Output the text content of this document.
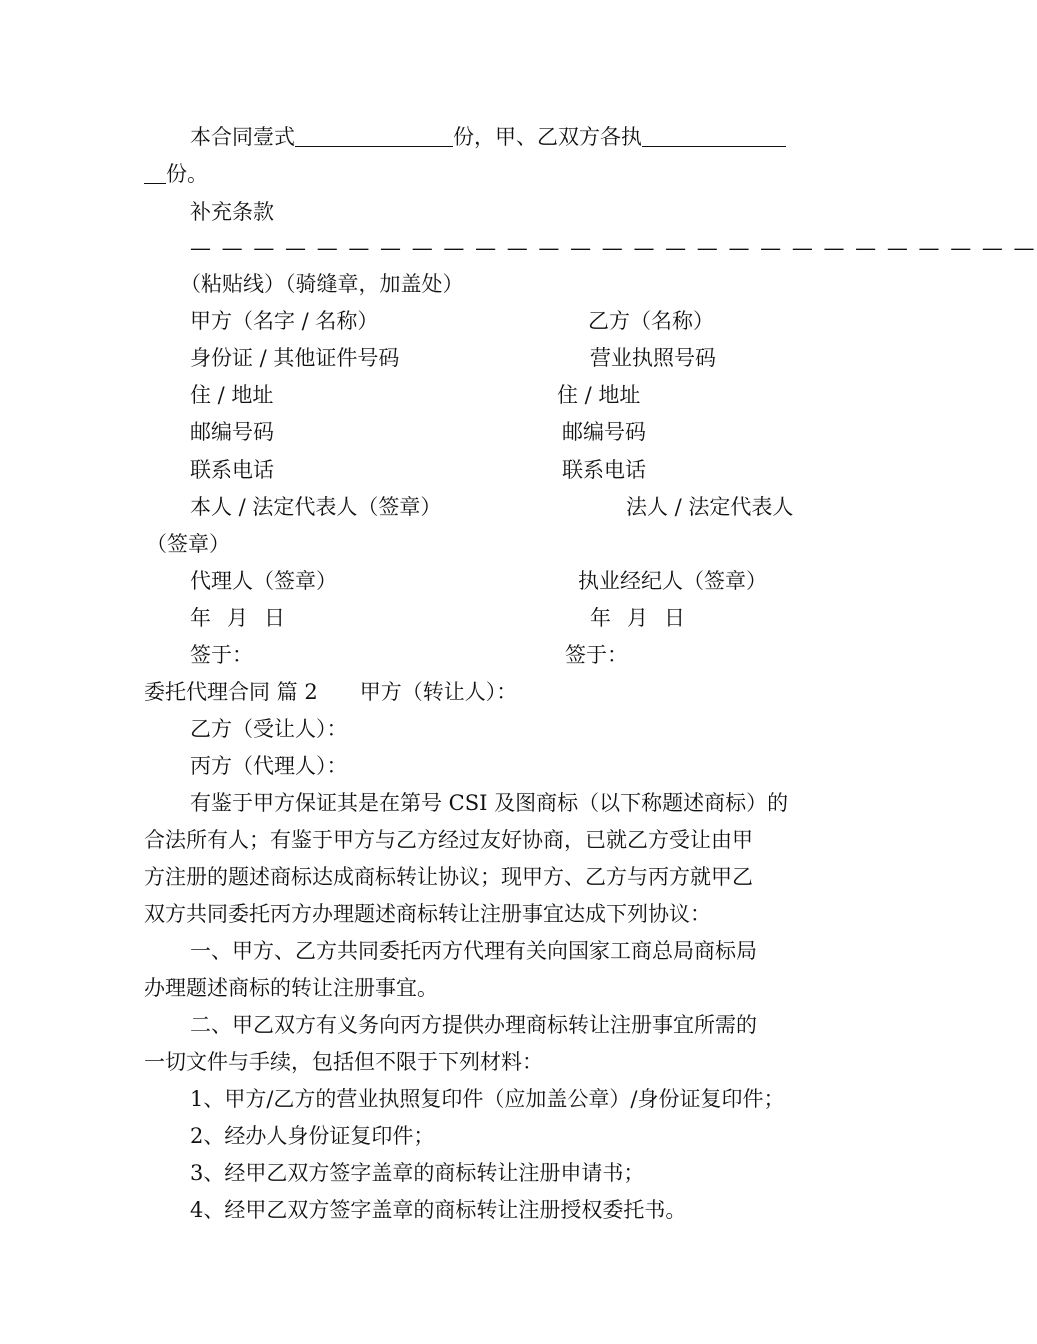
本合同壹式	份，甲、乙双方各执
份。
补充条款
— — — — — — — — — — — — — — — — — — — — — — — — — — —
（粘贴线）（骑缝章，加盖处）
甲方（名字 / 名称）
身份证 / 其他证件号码
住 / 地址
邮编号码
联系电话
本人 / 法定代表人（签章）
代理人（签章）
年 月 日
签于：
乙方（名称）
营业执照号码
住 / 地址
邮编号码
联系电话
法人 / 法定代表人
（签章）
执业经纪人（签章）
年 月 日
签于：
委托代理合同 篇 2 甲方（转让人）：
乙方（受让人）：
丙方（代理人）：
有鉴于甲方保证其是在第号 CSI 及图商标（以下称题述商标）的
合法所有人；有鉴于甲方与乙方经过友好协商，已就乙方受让由甲
方注册的题述商标达成商标转让协议；现甲方、乙方与丙方就甲乙
双方共同委托丙方办理题述商标转让注册事宜达成下列协议：
一、甲方、乙方共同委托丙方代理有关向国家工商总局商标局
办理题述商标的转让注册事宜。
二、甲乙双方有义务向丙方提供办理商标转让注册事宜所需的
一切文件与手续，包括但不限于下列材料：
1、甲方/乙方的营业执照复印件（应加盖公章）/身份证复印件；
2、经办人身份证复印件；
3、经甲乙双方签字盖章的商标转让注册申请书；
4、经甲乙双方签字盖章的商标转让注册授权委托书。
